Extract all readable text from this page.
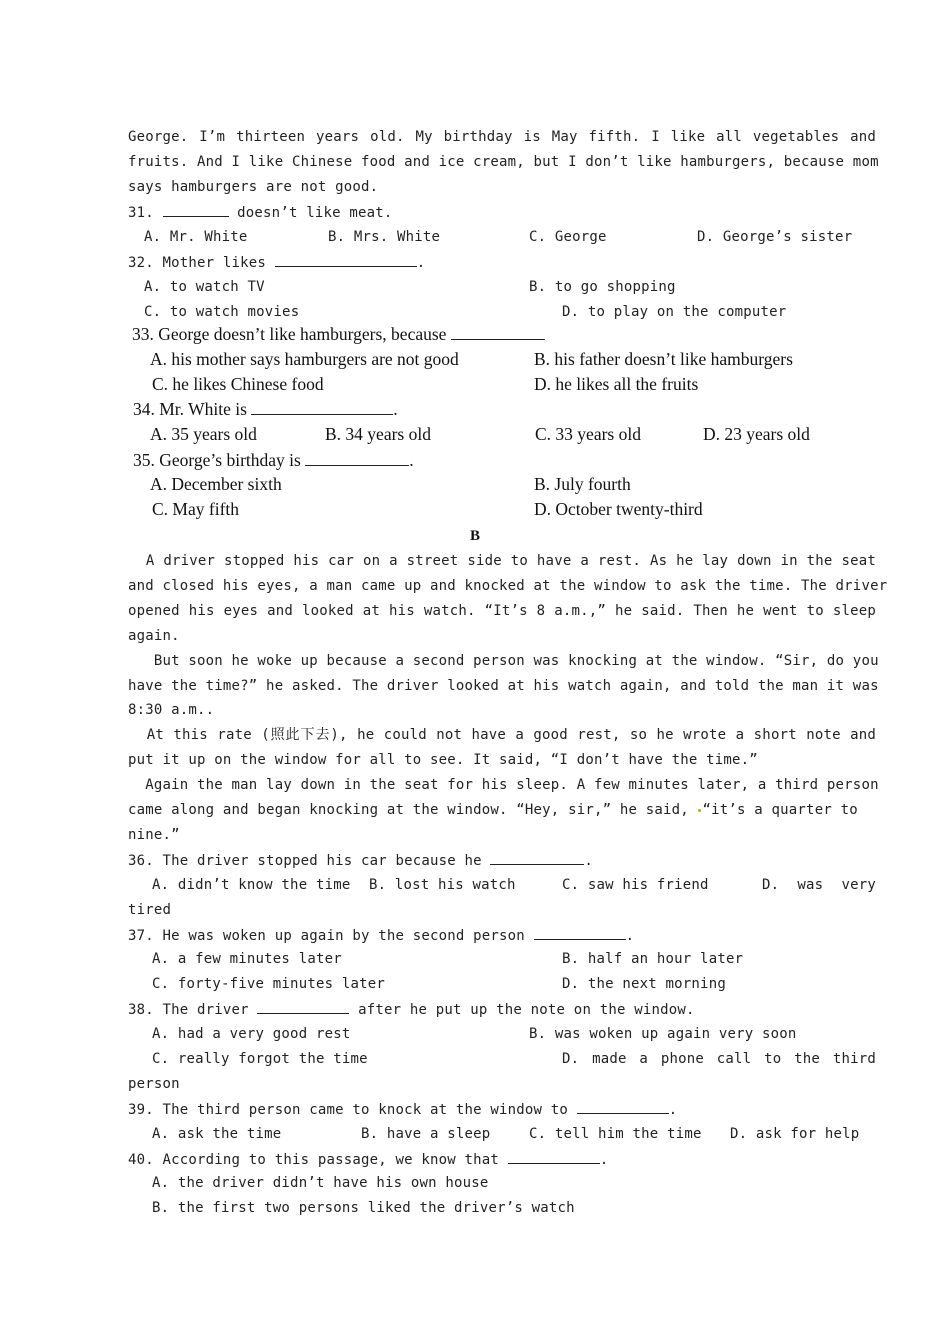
George. I’m thirteen years old. My birthday is May fifth. I like all vegetables and
fruits. And I like Chinese food and ice cream, but I don’t like hamburgers, because mom
says hamburgers are not good.
31.	doesn’t like meat.
A. Mr. White	B. Mrs. White	C. George	D. George’s sister
32. Mother likes	.
A. to watch TV	B. to go shopping
C. to watch movies	D. to play on the computer
33. George doesn’t like hamburgers, because
A. his mother says hamburgers are not good	B. his father doesn’t like hamburgers
C. he likes Chinese food	D. he likes all the fruits
34. Mr. White is	.
A. 35 years old	B. 34 years old	C. 33 years old	D. 23 years old
35. George’s birthday is	.
A. December sixth	B. July fourth
C. May fifth	D. October twenty-third
B
A driver stopped his car on a street side to have a rest. As he lay down in the seat
and closed his eyes, a man came up and knocked at the window to ask the time. The driver
opened his eyes and looked at his watch. “It’s 8 a.m.,” he said. Then he went to sleep
again.
But soon he woke up because a second person was knocking at the window. “Sir, do you
have the time?” he asked. The driver looked at his watch again, and told the man it was
8:30 a.m..
At this rate (照此下去), he could not have a good rest, so he wrote a short note and
put it up on the window for all to see. It said, “I don’t have the time.”
Again the man lay down in the seat for his sleep. A few minutes later, a third person
came along and began knocking at the window. “Hey, sir,” he said, “it’s a quarter to
nine.”
36. The driver stopped his car because he	.
A. didn’t know the time B. lost his watch	C. saw his friend	D. was very
tired
37. He was woken up again by the second person	.
A. a few minutes later	B. half an hour later
C. forty-five minutes later	D. the next morning
38. The driver	after he put up the note on the window.
A. had a very good rest	B. was woken up again very soon
C. really forgot the time	D. made a phone call to the third
person
39. The third person came to knock at the window to	.
A. ask the time	B. have a sleep	C. tell him the time D. ask for help
40. According to this passage, we know that	.
A. the driver didn’t have his own house
B. the first two persons liked the driver’s watch
